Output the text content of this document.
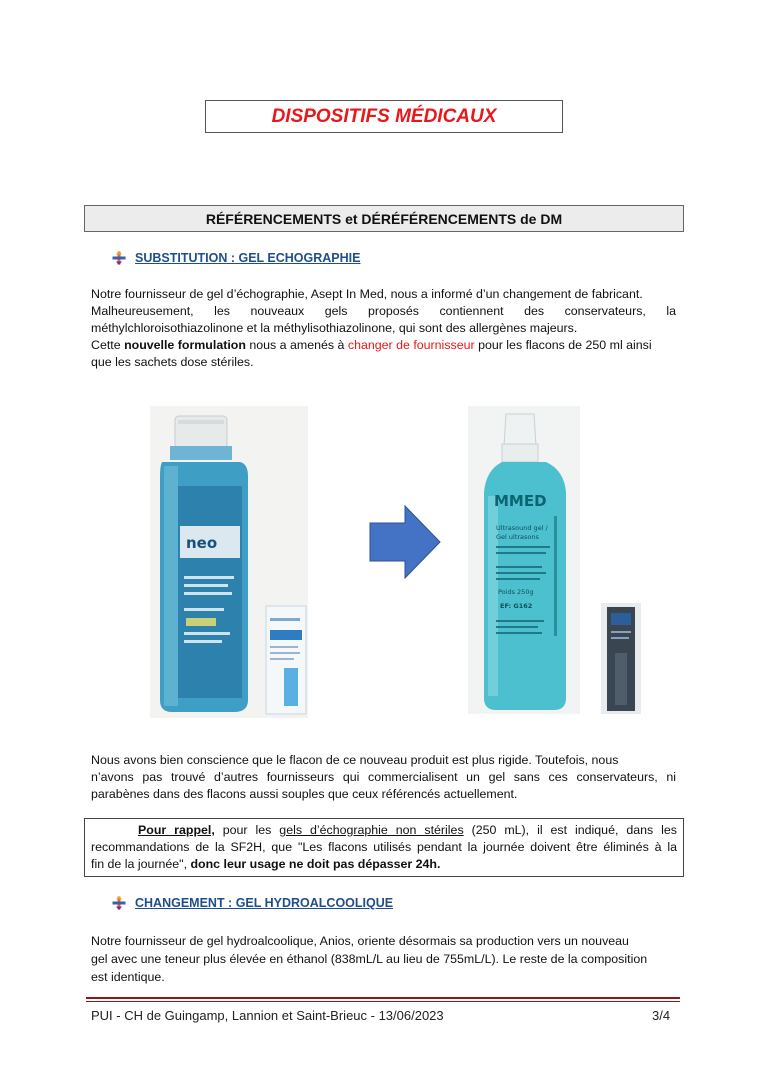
DISPOSITIFS MÉDICAUX
RÉFÉRENCEMENTS et DÉRÉFÉRENCEMENTS de DM
SUBSTITUTION : GEL ECHOGRAPHIE
Notre fournisseur de gel d’échographie, Asept In Med, nous a informé d’un changement de fabricant.
Malheureusement, les nouveaux gels proposés contiennent des conservateurs, la
méthylchloroisothiazolinone et la méthylisothiazolinone, qui sont des allergènes majeurs.
Cette nouvelle formulation nous a amenés à changer de fournisseur pour les flacons de 250 ml ainsi
que les sachets dose stériles.
neo
MMED
Ultrasound gel /
Gel ultrasons
Poids 250g
EF: G162
Nous avons bien conscience que le flacon de ce nouveau produit est plus rigide. Toutefois, nous
n’avons pas trouvé d’autres fournisseurs qui commercialisent un gel sans ces conservateurs, ni
parabènes dans des flacons aussi souples que ceux référencés actuellement.
Pour rappel, pour les gels d’échographie non stériles (250 mL), il est indiqué, dans les
recommandations de la SF2H, que "Les flacons utilisés pendant la journée doivent être éliminés à la
fin de la journée", donc leur usage ne doit pas dépasser 24h.
CHANGEMENT : GEL HYDROALCOOLIQUE
Notre fournisseur de gel hydroalcoolique, Anios, oriente désormais sa production vers un nouveau
gel avec une teneur plus élevée en éthanol (838mL/L au lieu de 755mL/L). Le reste de la composition
est identique.
PUI - CH de Guingamp, Lannion et Saint-Brieuc - 13/06/2023	3/4
